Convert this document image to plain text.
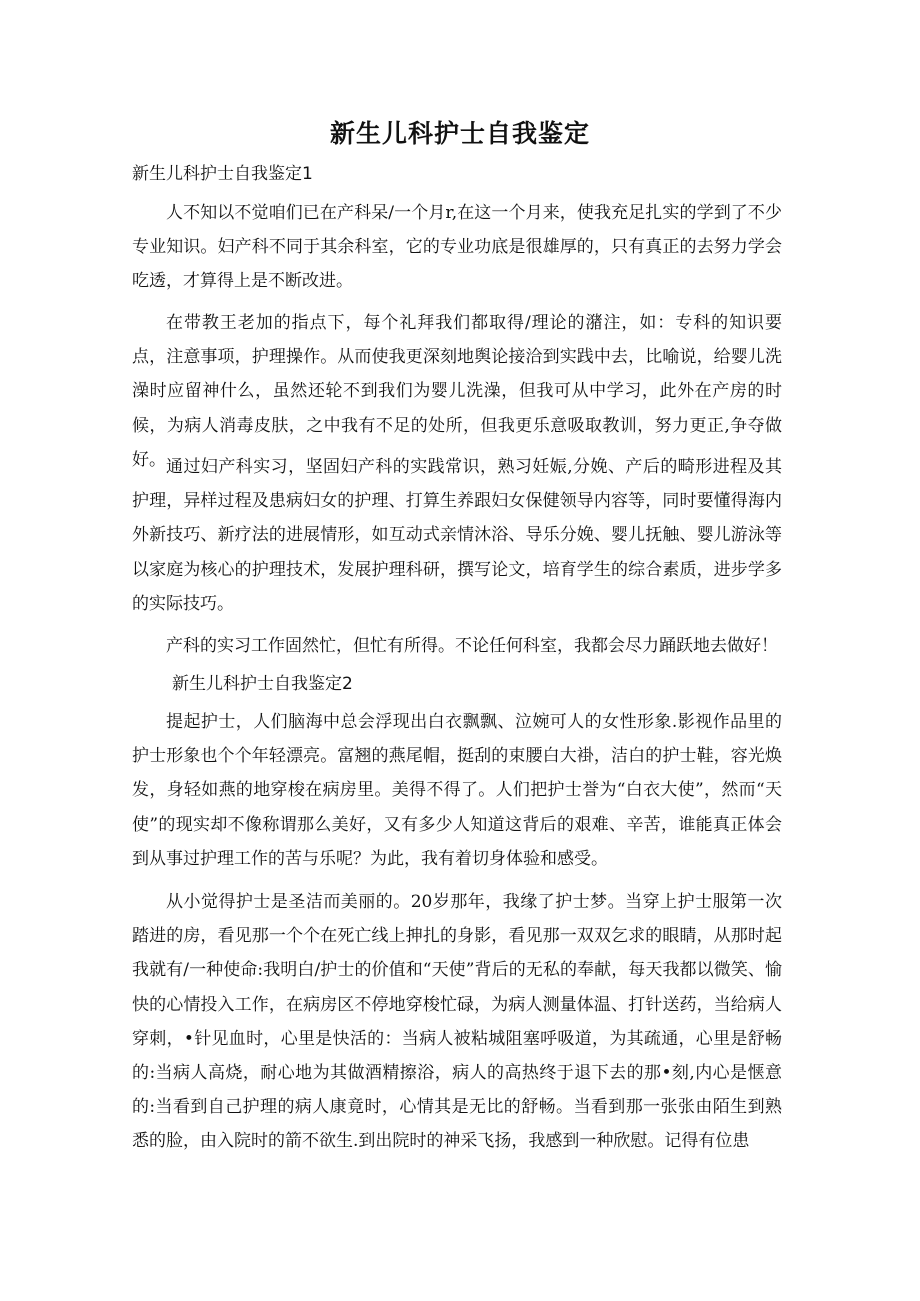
新生儿科护士自我鉴定

新生儿科护士自我鉴定1

人不知以不觉咱们已在产科呆/一个月r,在这一个月来，使我充足扎实的学到了不少专业知识。妇产科不同于其余科室，它的专业功底是很雄厚的，只有真正的去努力学会吃透，才算得上是不断改进。

在带教王老加的指点下，每个礼拜我们都取得/理论的潴注，如：专科的知识要点，注意事项，护理操作。从而使我更深刻地舆论接洽到实践中去，比喻说，给婴儿洗澡时应留神什么，虽然还轮不到我们为婴儿洗澡，但我可从中学习，此外在产房的时候，为病人消毒皮肤，之中我有不足的处所，但我更乐意吸取教训，努力更正,争夺做好。 通过妇产科实习，坚固妇产科的实践常识，熟习妊娠,分娩、产后的畸形进程及其护理，异样过程及患病妇女的护理、打算生养跟妇女保健领导内容等，同时要懂得海内外新技巧、新疗法的进展情形，如互动式亲情沐浴、导乐分娩、婴儿抚触、婴儿游泳等以家庭为核心的护理技术，发展护理科研，撰写论文，培育学生的综合素质，进步学多的实际技巧。

产科的实习工作固然忙，但忙有所得。不论任何科室，我都会尽力踊跃地去做好！

新生儿科护士自我鉴定2

提起护士，人们脑海中总会浮现出白衣飘飘、泣婉可人的女性形象.影视作品里的护士形象也个个年轻漂亮。富翘的燕尾帽，挺刮的束腰白大褂，洁白的护士鞋，容光焕发，身轻如燕的地穿梭在病房里。美得不得了。人们把护士誉为“白衣大使”，然而“天使”的现实却不像称谓那么美好，又有多少人知道这背后的艰难、辛苦，谁能真正体会到从事过护理工作的苦与乐呢？为此，我有着切身体验和感受。

从小觉得护士是圣洁而美丽的。20岁那年，我缘了护士梦。当穿上护士服第一次踏进的房，看见那一个个在死亡线上抻扎的身影，看见那一双双乞求的眼睛，从那时起我就有/一种使命:我明白/护士的价值和“天使”背后的无私的奉献，每天我都以微笑、愉快的心情投入工作，在病房区不停地穿梭忙碌，为病人测量体温、打针送药，当给病人穿刺，•针见血时，心里是快活的：当病人被粘城阻塞呼吸道，为其疏通，心里是舒畅的:当病人高烧，耐心地为其做酒精擦浴，病人的高热终于退下去的那•刻,内心是惬意的:当看到自己护理的病人康竟时，心情其是无比的舒畅。当看到那一张张由陌生到熟悉的脸，由入院时的箭不欲生.到出院时的神采飞扬，我感到一种欣慰。记得有位患
